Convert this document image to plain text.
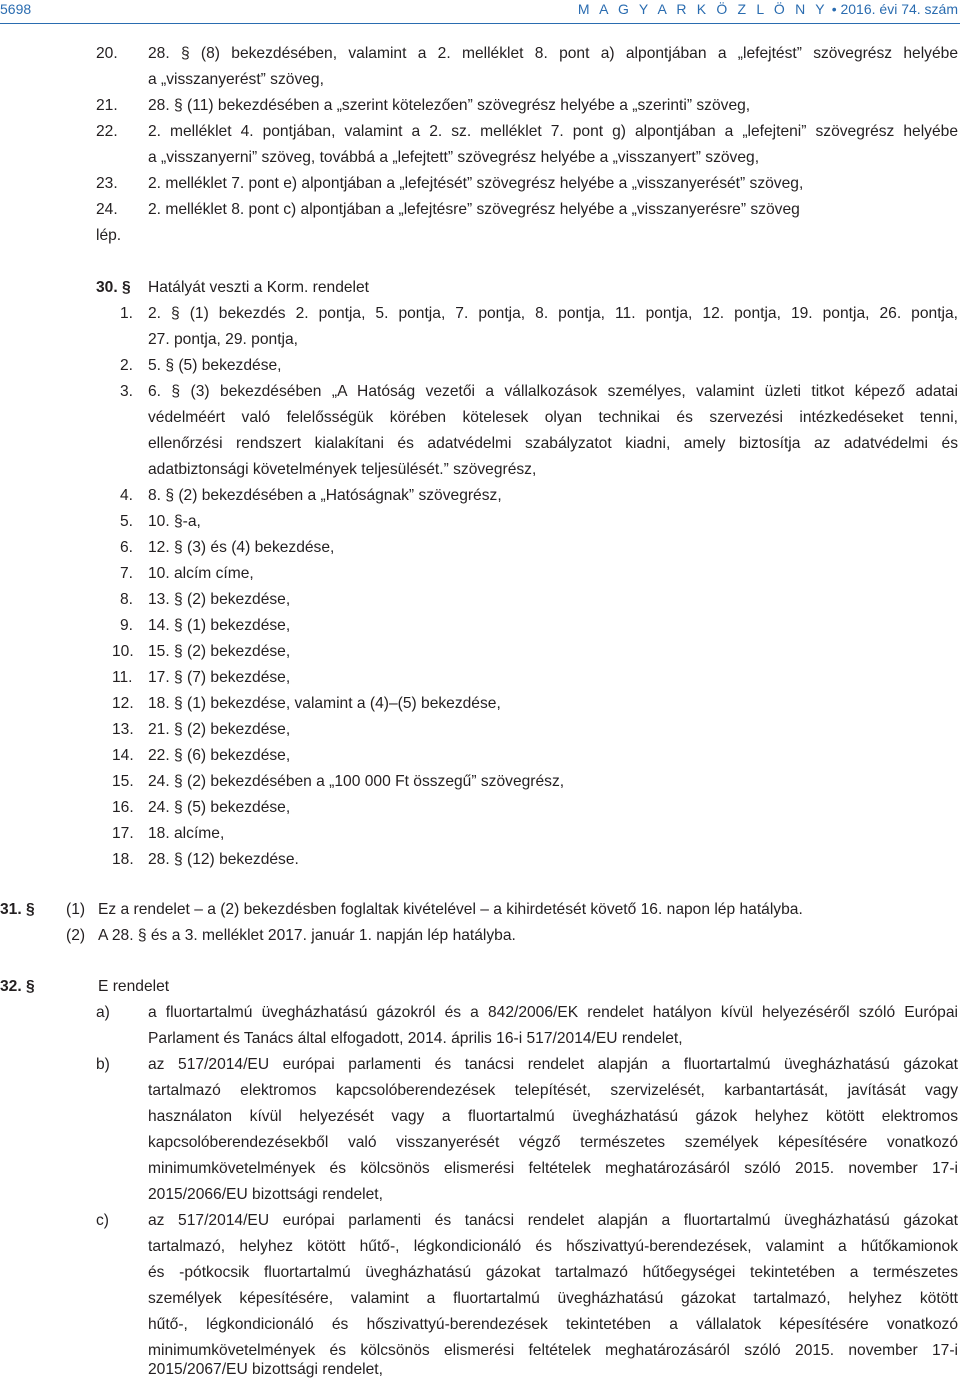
5698	M A G Y A R K Ö Z L Ö N Y • 2016. évi 74. szám
20. 28. § (8) bekezdésében, valamint a 2. melléklet 8. pont a) alpontjában a „lefejtést” szövegrész helyébe
a „visszanyerést” szöveg,
21. 28. § (11) bekezdésében a „szerint kötelezően” szövegrész helyébe a „szerinti” szöveg,
22. 2. melléklet 4. pontjában, valamint a 2. sz. melléklet 7. pont g) alpontjában a „lefejteni” szövegrész helyébe
a „visszanyerni” szöveg, továbbá a „lefejtett” szövegrész helyébe a „visszanyert” szöveg,
23. 2. melléklet 7. pont e) alpontjában a „lefejtését” szövegrész helyébe a „visszanyerését” szöveg,
24. 2. melléklet 8. pont c) alpontjában a „lefejtésre” szövegrész helyébe a „visszanyerésre” szöveg
lép.
30. § Hatályát veszti a Korm. rendelet
1. 2. § (1) bekezdés 2. pontja, 5. pontja, 7. pontja, 8. pontja, 11. pontja, 12. pontja, 19. pontja, 26. pontja,
27. pontja, 29. pontja,
2. 5. § (5) bekezdése,
3. 6. § (3) bekezdésében „A Hatóság vezetői a vállalkozások személyes, valamint üzleti titkot képező adatai
védelméért való felelősségük körében kötelesek olyan technikai és szervezési intézkedéseket tenni,
ellenőrzési rendszert kialakítani és adatvédelmi szabályzatot kiadni, amely biztosítja az adatvédelmi és
adatbiztonsági követelmények teljesülését.” szövegrész,
4. 8. § (2) bekezdésében a „Hatóságnak” szövegrész,
5. 10. §-a,
6. 12. § (3) és (4) bekezdése,
7. 10. alcím címe,
8. 13. § (2) bekezdése,
9. 14. § (1) bekezdése,
10. 15. § (2) bekezdése,
11. 17. § (7) bekezdése,
12. 18. § (1) bekezdése, valamint a (4)–(5) bekezdése,
13. 21. § (2) bekezdése,
14. 22. § (6) bekezdése,
15. 24. § (2) bekezdésében a „100 000 Ft összegű” szövegrész,
16. 24. § (5) bekezdése,
17. 18. alcíme,
18. 28. § (12) bekezdése.
31. § (1) Ez a rendelet – a (2) bekezdésben foglaltak kivételével – a kihirdetését követő 16. napon lép hatályba.
(2) A 28. § és a 3. melléklet 2017. január 1. napján lép hatályba.
32. §	E rendelet
a) a fluortartalmú üvegházhatású gázokról és a 842/2006/EK rendelet hatályon kívül helyezéséről szóló Európai
Parlament és Tanács által elfogadott, 2014. április 16-i 517/2014/EU rendelet,
b) az 517/2014/EU európai parlamenti és tanácsi rendelet alapján a fluortartalmú üvegházhatású gázokat
tartalmazó elektromos kapcsolóberendezések telepítését, szervizelését, karbantartását, javítását vagy
használaton kívül helyezését vagy a fluortartalmú üvegházhatású gázok helyhez kötött elektromos
kapcsolóberendezésekből való visszanyerését végző természetes személyek képesítésére vonatkozó
minimumkövetelmények és kölcsönös elismerési feltételek meghatározásáról szóló 2015. november 17-i
2015/2066/EU bizottsági rendelet,
c)	az 517/2014/EU európai parlamenti és tanácsi rendelet alapján a fluortartalmú üvegházhatású gázokat
tartalmazó, helyhez kötött hűtő-, légkondicionáló és hőszivattyú-berendezések, valamint a hűtőkamionok
és -pótkocsik fluortartalmú üvegházhatású gázokat tartalmazó hűtőegységei tekintetében a természetes
személyek képesítésére, valamint a fluortartalmú üvegházhatású gázokat tartalmazó, helyhez kötött
hűtő-, légkondicionáló és hőszivattyú-berendezések tekintetében a vállalatok képesítésére vonatkozó
minimumkövetelmények és kölcsönös elismerési feltételek meghatározásáról szóló 2015. november 17-i
2015/2067/EU bizottsági rendelet,
